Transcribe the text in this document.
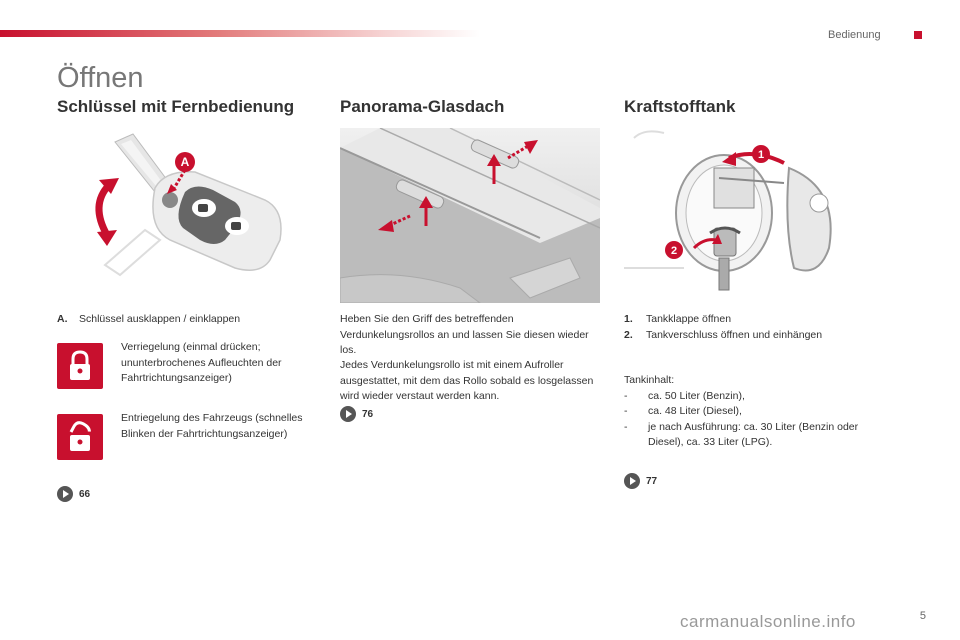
Bedienung
Öffnen
Schlüssel mit Fernbedienung
A
A.	Schlüssel ausklappen / einklappen
Verriegelung (einmal drücken; ununterbrochenes Aufleuchten der Fahrtrichtungsanzeiger)
Entriegelung des Fahrzeugs (schnelles Blinken der Fahrtrichtungsanzeiger)
66
Panorama-Glasdach
Heben Sie den Griff des betreffenden Verdunkelungsrollos an und lassen Sie diesen wieder los.
Jedes Verdunkelungsrollo ist mit einem Aufroller ausgestattet, mit dem das Rollo sobald es losgelassen wird wieder verstaut werden kann.
76
Kraftstofftank
1
2
1.	Tankklappe öffnen
2.	Tankverschluss öffnen und einhängen
Tankinhalt:
-	ca. 50 Liter (Benzin),
-	ca. 48 Liter (Diesel),
-	je nach Ausführung: ca. 30 Liter (Benzin oder Diesel), ca. 33 Liter (LPG).
77
carmanualsonline.info	5
